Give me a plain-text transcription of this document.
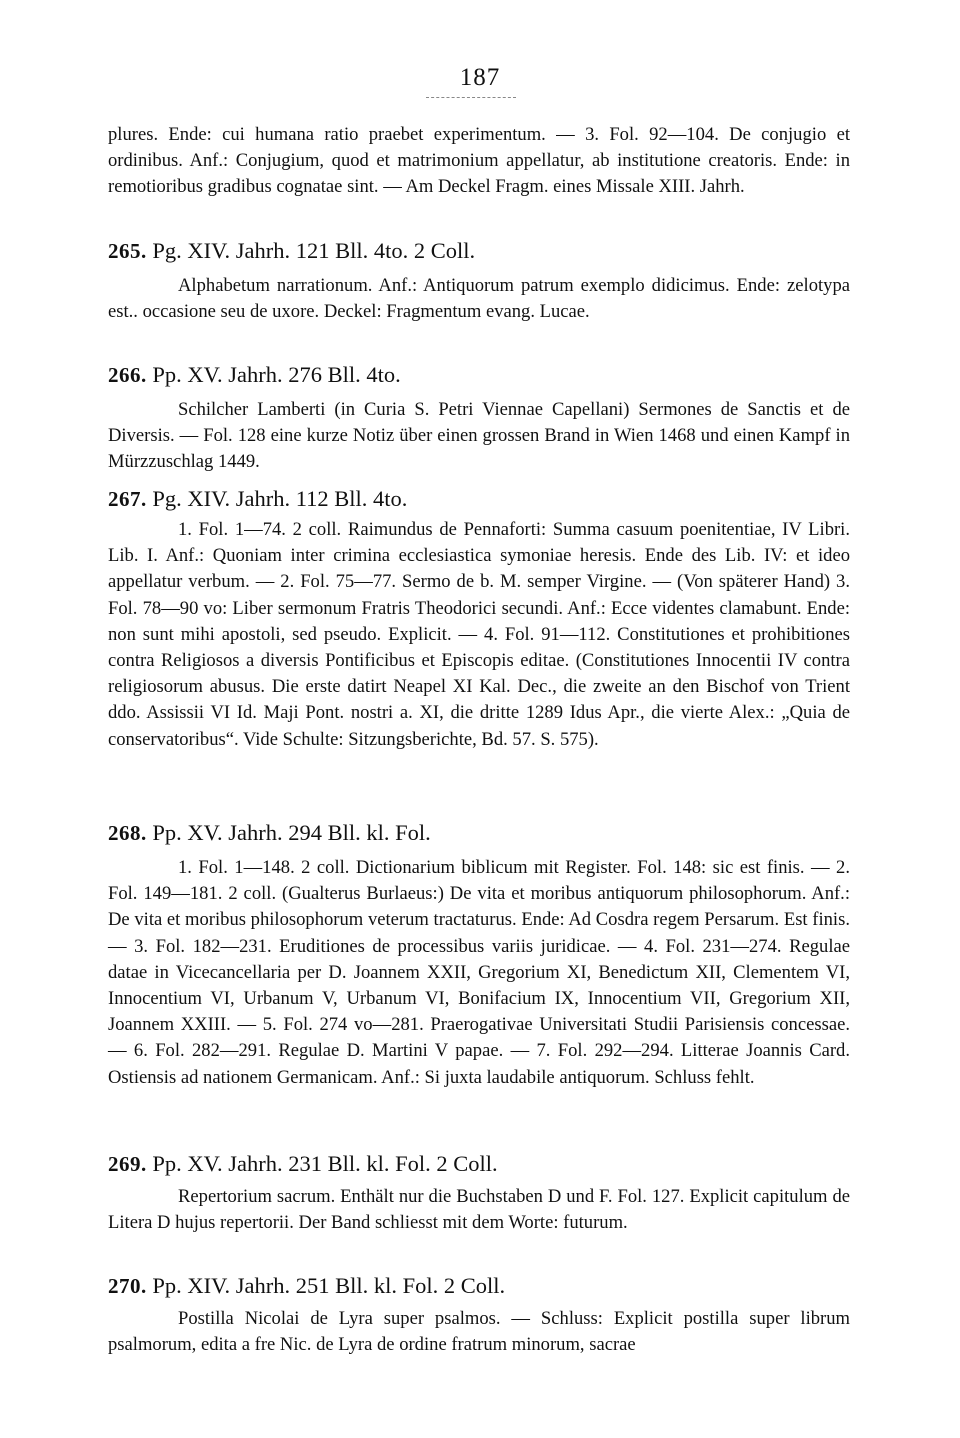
187
plures. Ende: cui humana ratio praebet experimentum. — 3. Fol. 92—104. De conjugio et ordinibus. Anf.: Conjugium, quod et matrimonium appellatur, ab institutione creatoris. Ende: in remotioribus gradibus cognatae sint. — Am Deckel Fragm. eines Missale XIII. Jahrh.
265. Pg. XIV. Jahrh. 121 Bll. 4to. 2 Coll.

Alphabetum narrationum. Anf.: Antiquorum patrum exemplo didicimus. Ende: zelotypa est.. occasione seu de uxore. Deckel: Fragmentum evang. Lucae.

266. Pp. XV. Jahrh. 276 Bll. 4to.

Schilcher Lamberti (in Curia S. Petri Viennae Capellani) Sermones de Sanctis et de Diversis. — Fol. 128 eine kurze Notiz über einen grossen Brand in Wien 1468 und einen Kampf in Mürzzuschlag 1449.

267. Pg. XIV. Jahrh. 112 Bll. 4to.

1. Fol. 1—74. 2 coll. Raimundus de Pennaforti: Summa casuum poenitentiae, IV Libri. Lib. I. Anf.: Quoniam inter crimina ecclesiastica symoniae heresis. Ende des Lib. IV: et ideo appellatur verbum. — 2. Fol. 75—77. Sermo de b. M. semper Virgine. — (Von späterer Hand) 3. Fol. 78—90 vo: Liber sermonum Fratris Theodorici secundi. Anf.: Ecce videntes clamabunt. Ende: non sunt mihi apostoli, sed pseudo. Explicit. — 4. Fol. 91—112. Constitutiones et prohibitiones contra Religiosos a diversis Pontificibus et Episcopis editae. (Constitutiones Innocentii IV contra religiosorum abusus. Die erste datirt Neapel XI Kal. Dec., die zweite an den Bischof von Trient ddo. Assissii VI Id. Maji Pont. nostri a. XI, die dritte 1289 Idus Apr., die vierte Alex.: „Quia de conservatoribus“. Vide Schulte: Sitzungsberichte, Bd. 57. S. 575).

268. Pp. XV. Jahrh. 294 Bll. kl. Fol.

1. Fol. 1—148. 2 coll. Dictionarium biblicum mit Register. Fol. 148: sic est finis. — 2. Fol. 149—181. 2 coll. (Gualterus Burlaeus:) De vita et moribus antiquorum philosophorum. Anf.: De vita et moribus philosophorum veterum tractaturus. Ende: Ad Cosdra regem Persarum. Est finis. — 3. Fol. 182—231. Eruditiones de processibus variis juridicae. — 4. Fol. 231—274. Regulae datae in Vicecancellaria per D. Joannem XXII, Gregorium XI, Benedictum XII, Clementem VI, Innocentium VI, Urbanum V, Urbanum VI, Bonifacium IX, Innocentium VII, Gregorium XII, Joannem XXIII. — 5. Fol. 274 vo—281. Praerogativae Universitati Studii Parisiensis concessae. — 6. Fol. 282—291. Regulae D. Martini V papae. — 7. Fol. 292—294. Litterae Joannis Card. Ostiensis ad nationem Germanicam. Anf.: Si juxta laudabile antiquorum. Schluss fehlt.

269. Pp. XV. Jahrh. 231 Bll. kl. Fol. 2 Coll.

Repertorium sacrum. Enthält nur die Buchstaben D und F. Fol. 127. Explicit capitulum de Litera D hujus repertorii. Der Band schliesst mit dem Worte: futurum.

270. Pp. XIV. Jahrh. 251 Bll. kl. Fol. 2 Coll.

Postilla Nicolai de Lyra super psalmos. — Schluss: Explicit postilla super librum psalmorum, edita a fre Nic. de Lyra de ordine fratrum minorum, sacrae
